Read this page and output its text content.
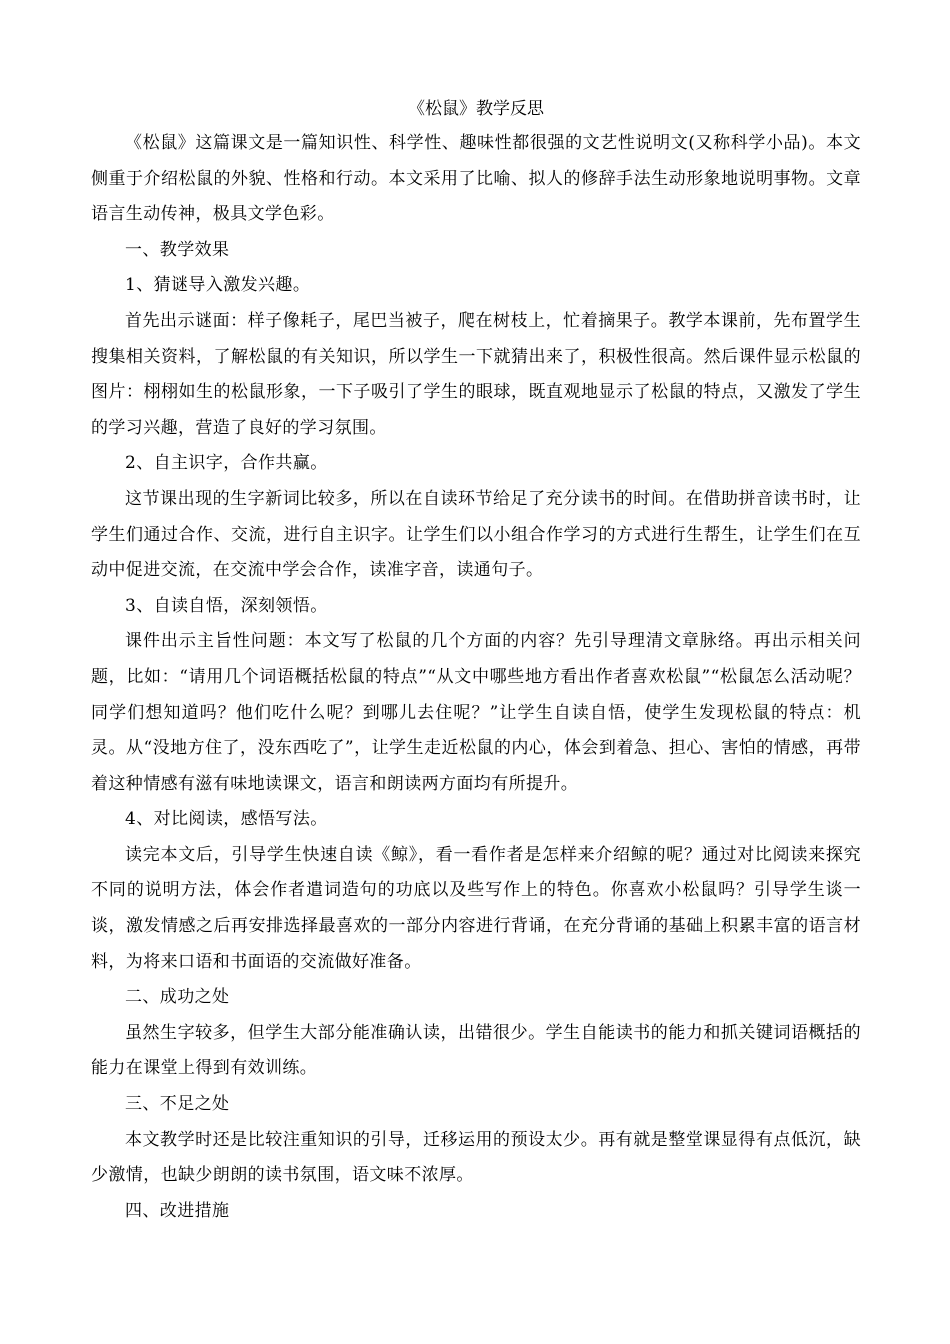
《松鼠》教学反思

《松鼠》这篇课文是一篇知识性、科学性、趣味性都很强的文艺性说明文(又称科学小品)。本文侧重于介绍松鼠的外貌、性格和行动。本文采用了比喻、拟人的修辞手法生动形象地说明事物。文章语言生动传神，极具文学色彩。

一、教学效果

1、猜谜导入激发兴趣。

首先出示谜面：样子像耗子，尾巴当被子，爬在树枝上，忙着摘果子。教学本课前，先布置学生搜集相关资料，了解松鼠的有关知识，所以学生一下就猜出来了，积极性很高。然后课件显示松鼠的图片：栩栩如生的松鼠形象，一下子吸引了学生的眼球，既直观地显示了松鼠的特点，又激发了学生的学习兴趣，营造了良好的学习氛围。

2、自主识字，合作共赢。

这节课出现的生字新词比较多，所以在自读环节给足了充分读书的时间。在借助拼音读书时，让学生们通过合作、交流，进行自主识字。让学生们以小组合作学习的方式进行生帮生，让学生们在互动中促进交流，在交流中学会合作，读准字音，读通句子。

3、自读自悟，深刻领悟。

课件出示主旨性问题：本文写了松鼠的几个方面的内容？先引导理清文章脉络。再出示相关问题，比如：“请用几个词语概括松鼠的特点”“从文中哪些地方看出作者喜欢松鼠”“松鼠怎么活动呢？同学们想知道吗？他们吃什么呢？到哪儿去住呢？”让学生自读自悟，使学生发现松鼠的特点：机灵。从“没地方住了，没东西吃了”，让学生走近松鼠的内心，体会到着急、担心、害怕的情感，再带着这种情感有滋有味地读课文，语言和朗读两方面均有所提升。

4、对比阅读，感悟写法。

读完本文后，引导学生快速自读《鲸》，看一看作者是怎样来介绍鲸的呢？通过对比阅读来探究不同的说明方法，体会作者遣词造句的功底以及些写作上的特色。你喜欢小松鼠吗？引导学生谈一谈，激发情感之后再安排选择最喜欢的一部分内容进行背诵，在充分背诵的基础上积累丰富的语言材料，为将来口语和书面语的交流做好准备。

二、成功之处

虽然生字较多，但学生大部分能准确认读，出错很少。学生自能读书的能力和抓关键词语概括的能力在课堂上得到有效训练。

三、不足之处

本文教学时还是比较注重知识的引导，迁移运用的预设太少。再有就是整堂课显得有点低沉，缺少激情，也缺少朗朗的读书氛围，语文味不浓厚。

四、改进措施
